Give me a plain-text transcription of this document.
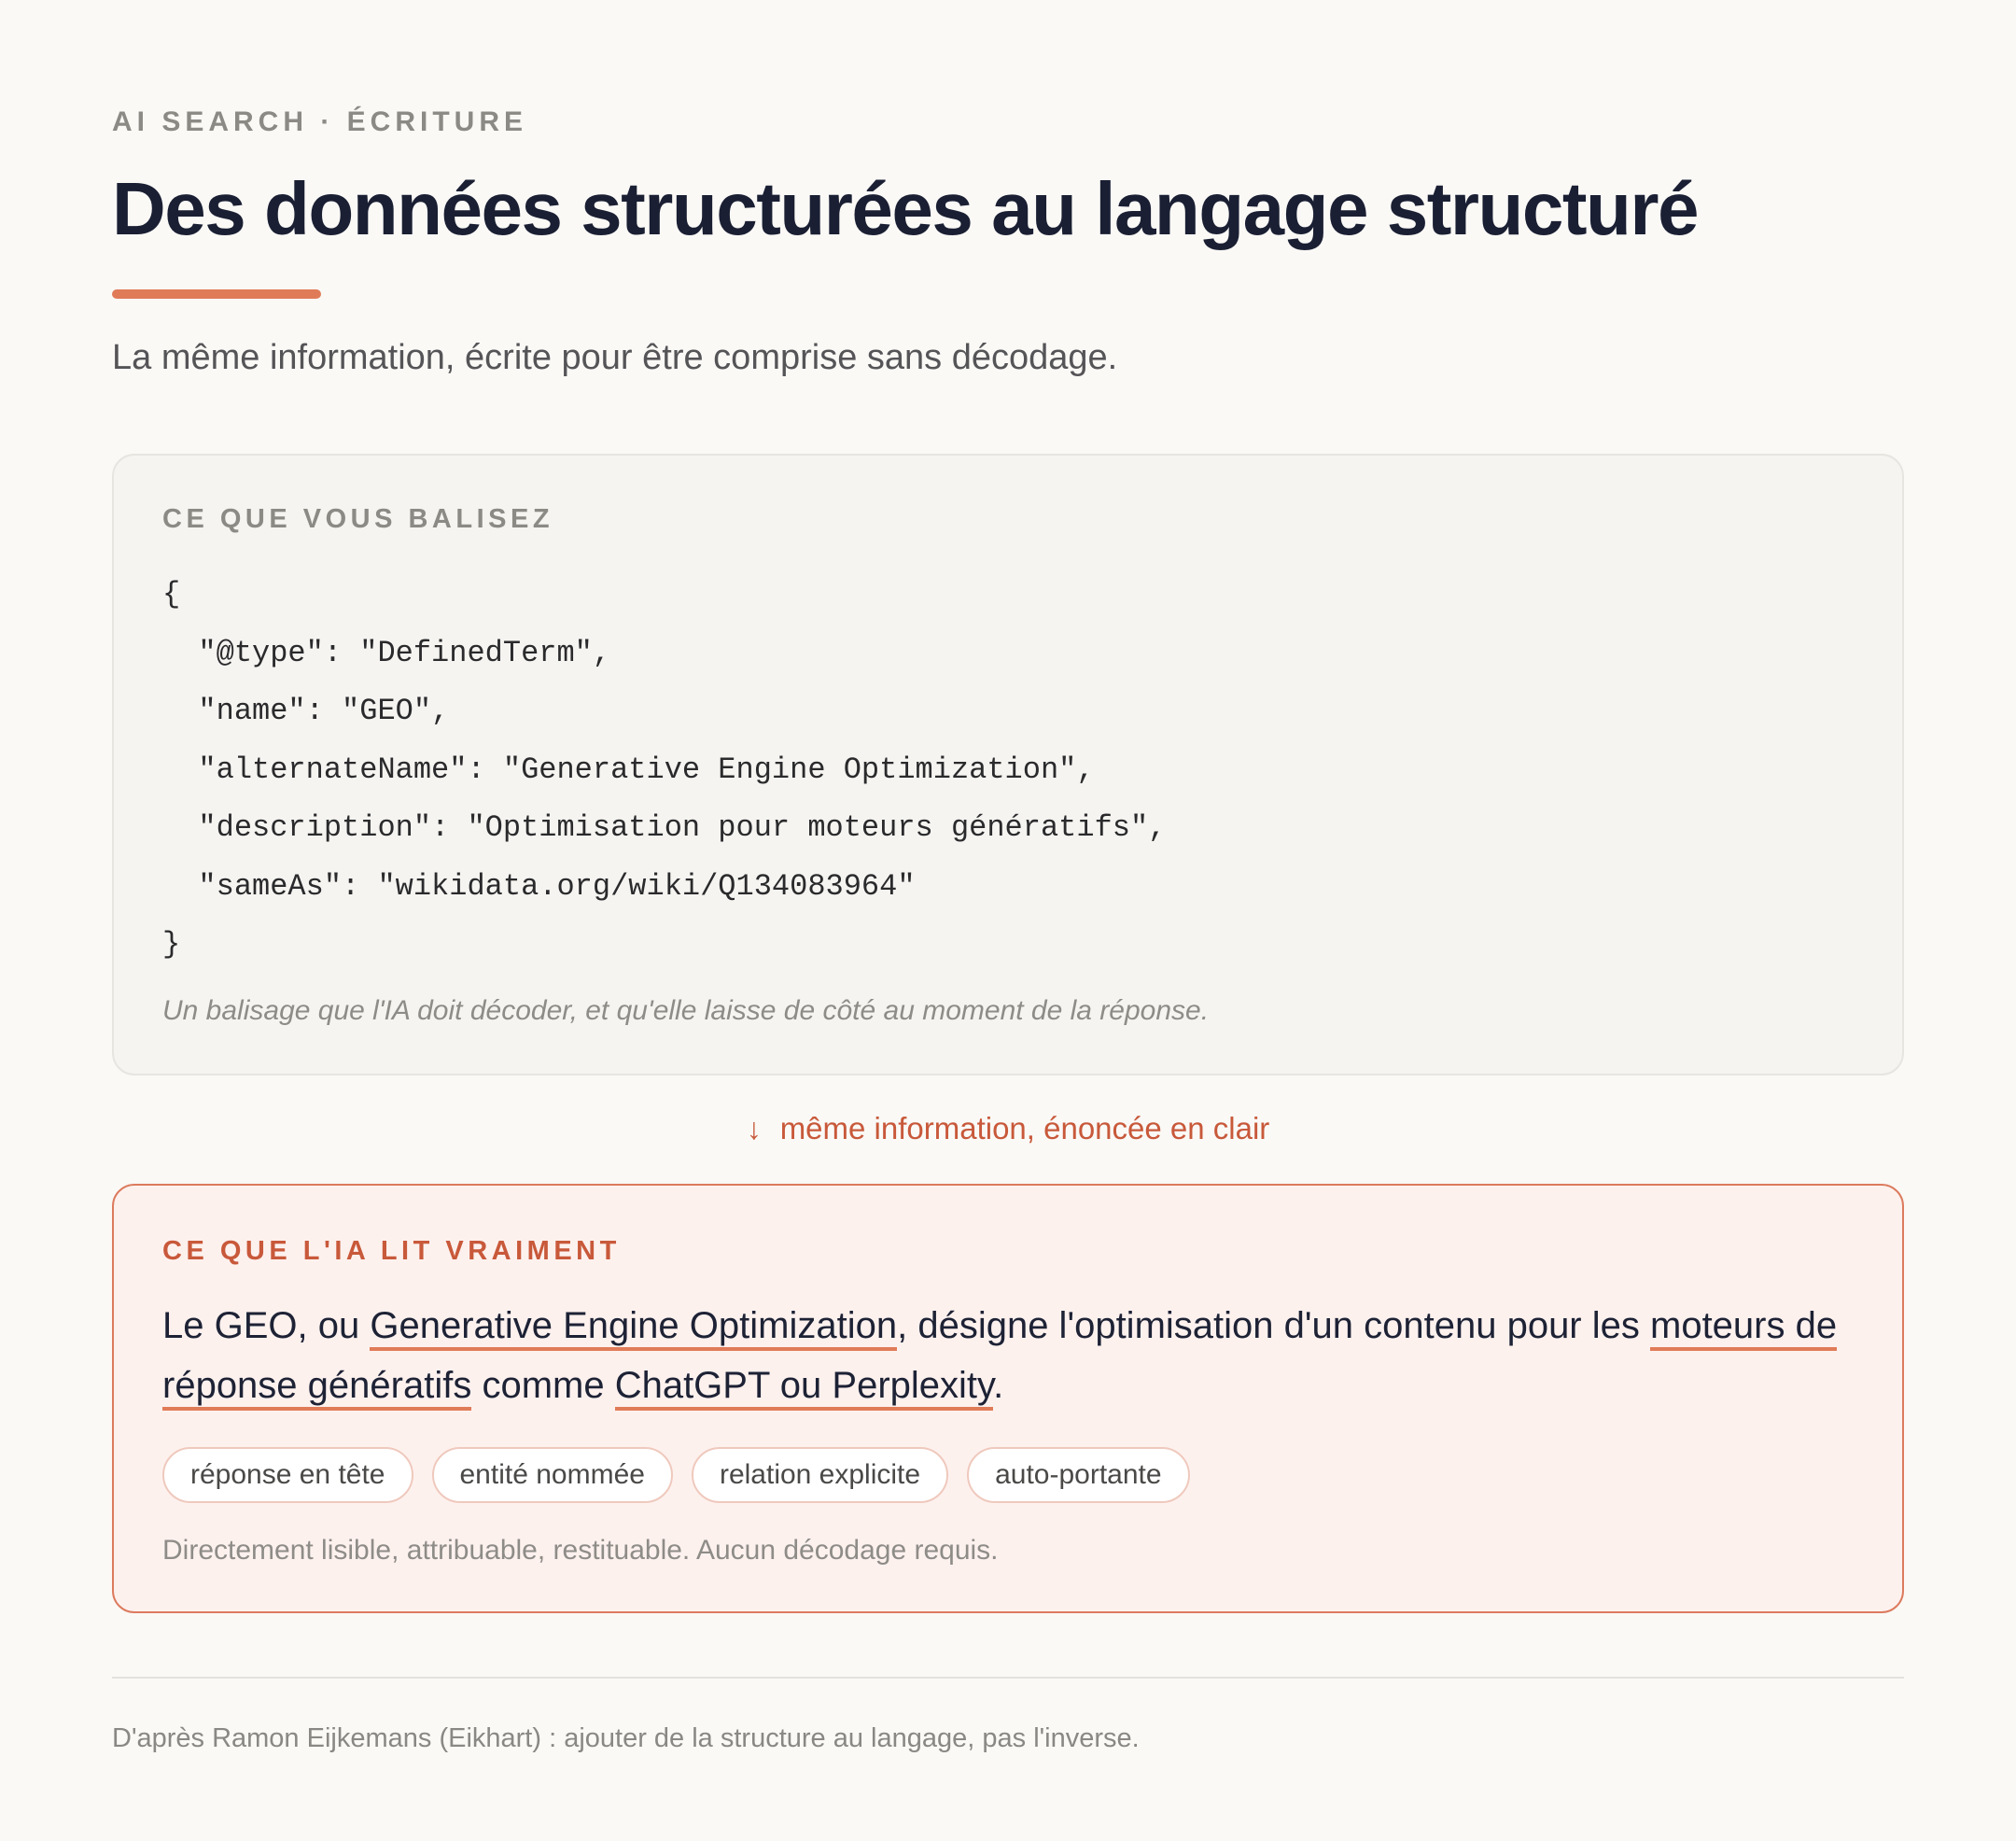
AI SEARCH · ÉCRITURE
Des données structurées au langage structuré

La même information, écrite pour être comprise sans décodage.

CE QUE VOUS BALISEZ
{
"@type": "DefinedTerm",
"name": "GEO",
"alternateName": "Generative Engine Optimization",
"description": "Optimisation pour moteurs génératifs",
"sameAs": "wikidata.org/wiki/Q134083964"
}
Un balisage que l'IA doit décoder, et qu'elle laisse de côté au moment de la réponse.
↓ même information, énoncée en clair
CE QUE L'IA LIT VRAIMENT

Le GEO, ou Generative Engine Optimization, désigne l'optimisation d'un contenu pour les moteurs de réponse génératifs comme ChatGPT ou Perplexity.

réponse en tête	entité nommée	relation explicite	auto-portante
Directement lisible, attribuable, restituable. Aucun décodage requis.
D'après Ramon Eijkemans (Eikhart) : ajouter de la structure au langage, pas l'inverse.
